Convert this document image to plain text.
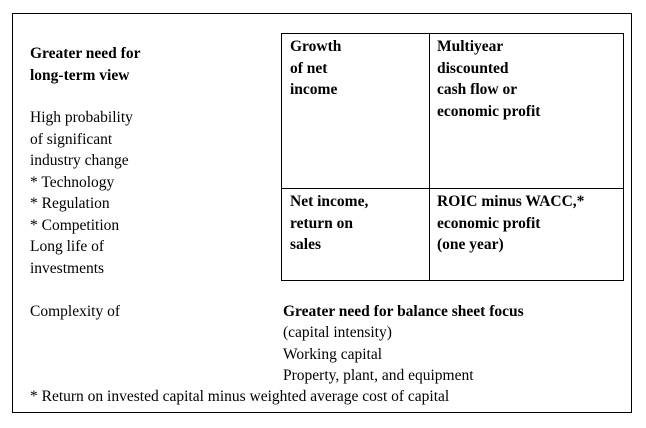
Greater need for
long-term view
High probability
of significant
industry change
* Technology
* Regulation
* Competition
Long life of
investments
Growth
of net
income
Multiyear
discounted
cash flow or
economic profit
Net income,
return on
sales
ROIC minus WACC,*
economic profit
(one year)
Complexity of	Greater need for balance sheet focus
(capital intensity)
Working capital
Property, plant, and equipment
* Return on invested capital minus weighted average cost of capital
